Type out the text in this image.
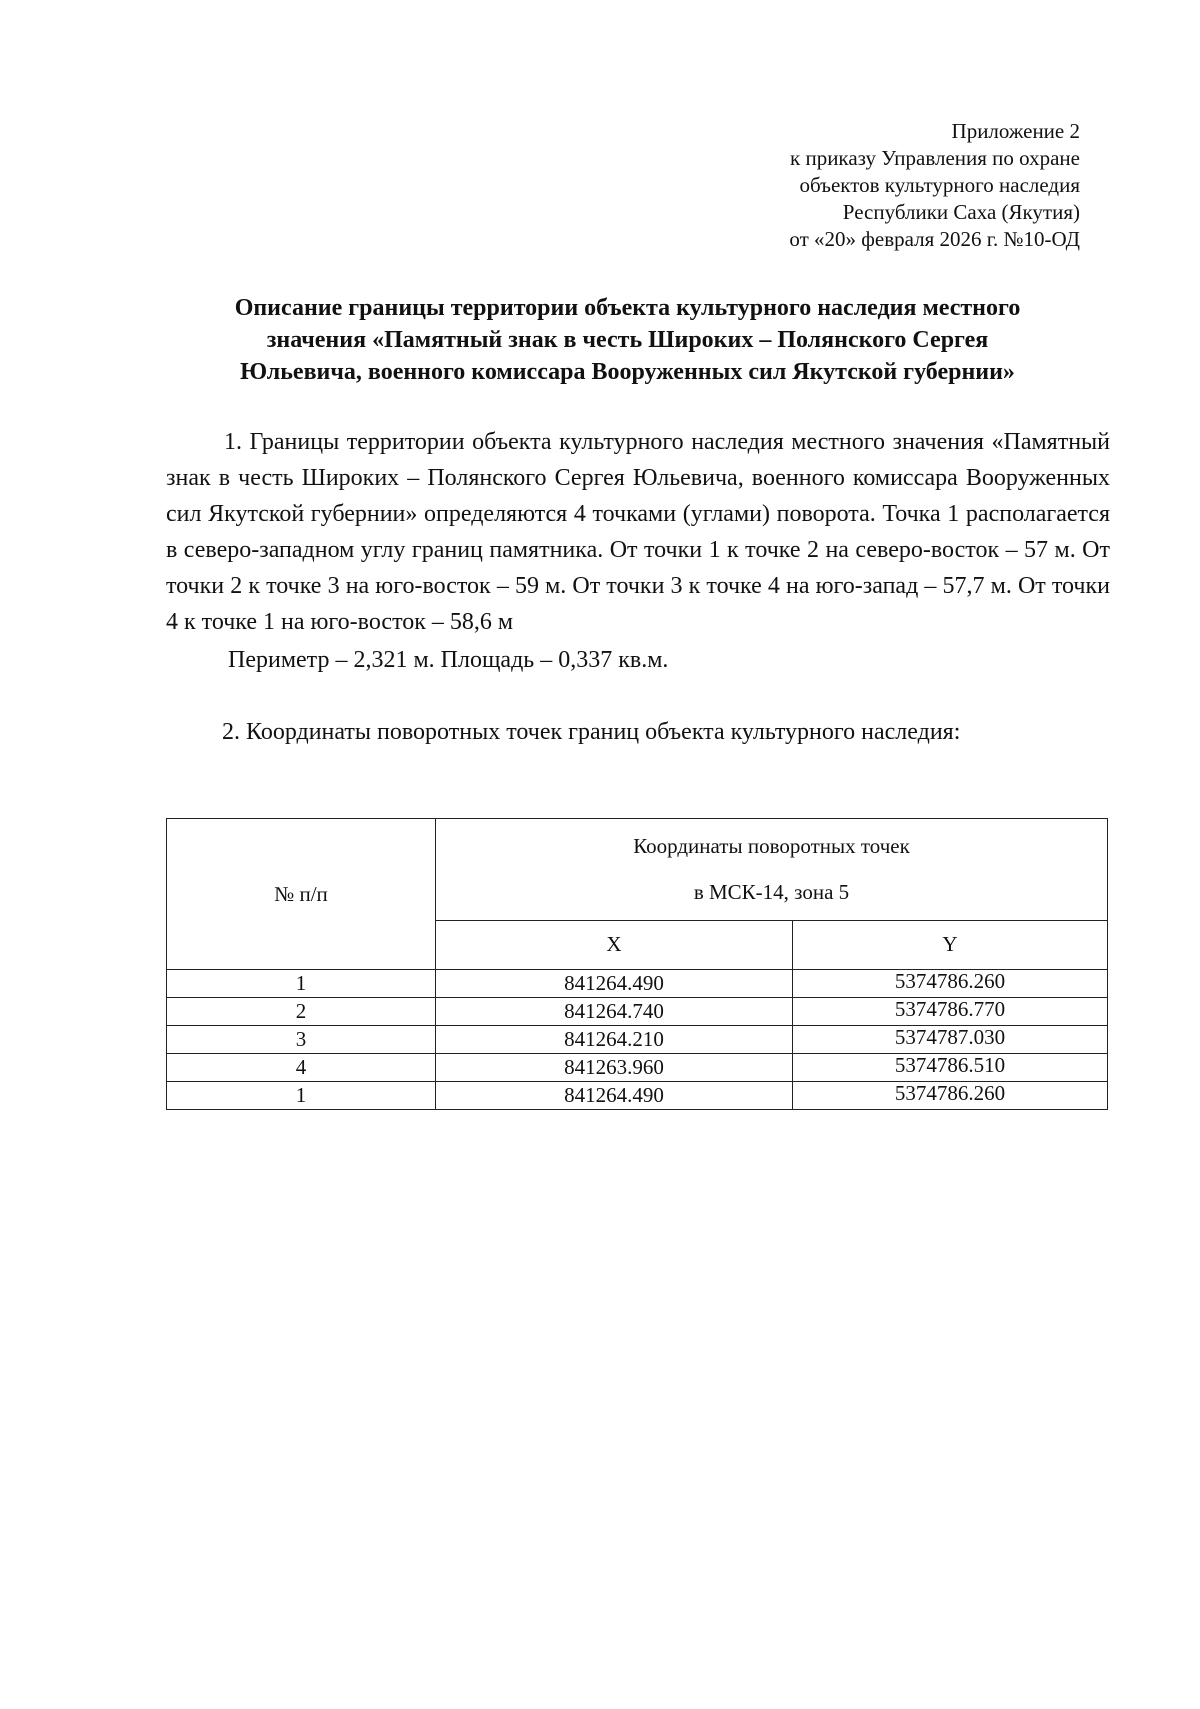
Приложение 2
к приказу Управления по охране
объектов культурного наследия
Республики Саха (Якутия)
от «20» февраля 2026 г. №10-ОД
Описание границы территории объекта культурного наследия местного
значения «Памятный знак в честь Широких – Полянского Сергея
Юльевича, военного комиссара Вооруженных сил Якутской губернии»

1. Границы территории объекта культурного наследия местного значения «Памятный знак в честь Широких – Полянского Сергея Юльевича, военного комиссара Вооруженных сил Якутской губернии» определяются 4 точками (углами) поворота. Точка 1 располагается в северо-западном углу границ памятника. От точки 1 к точке 2 на северо-восток – 57 м. От точки 2 к точке 3 на юго-восток – 59 м. От точки 3 к точке 4 на юго-запад – 57,7 м. От точки 4 к точке 1 на юго-восток – 58,6 м

Периметр – 2,321 м. Площадь – 0,337 кв.м.

2. Координаты поворотных точек границ объекта культурного наследия:

№ п/п	Координаты поворотных точек
в МСК-14, зона 5	

	X	Y
1	841264.490	5374786.260
2	841264.740	5374786.770
3	841264.210	5374787.030
4	841263.960	5374786.510
1	841264.490	5374786.260
